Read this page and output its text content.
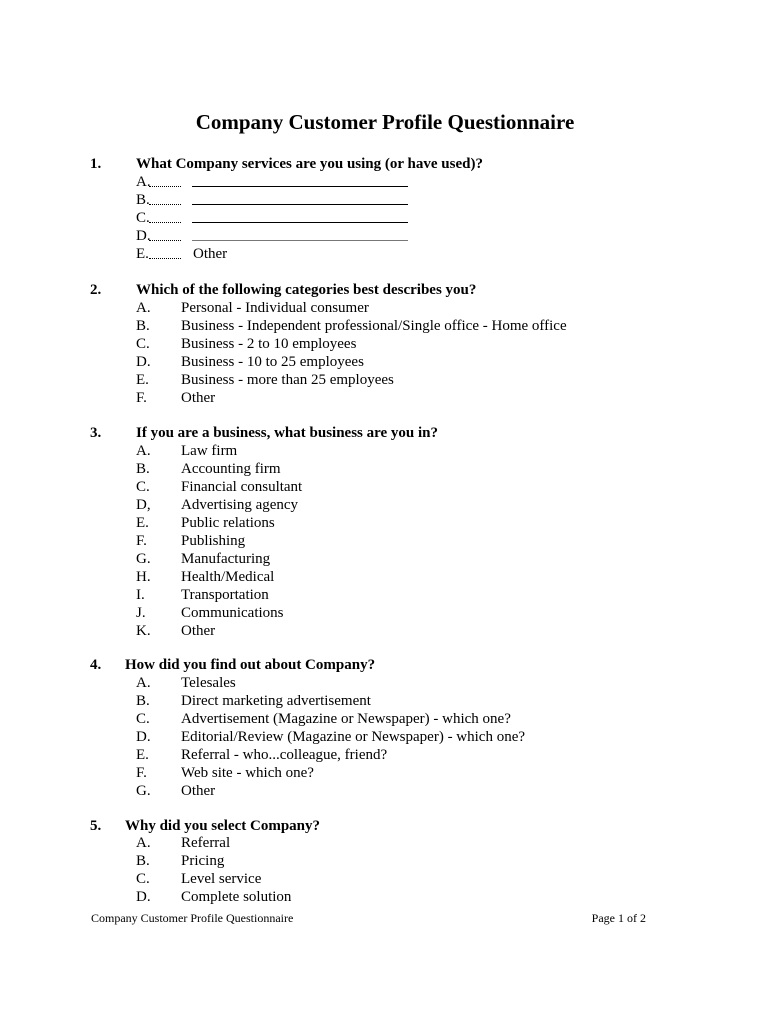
Company Customer Profile Questionnaire
1. What Company services are you using (or have used)?
A.
B.
C.
D.
E.	Other
2. Which of the following categories best describes you?
A. Personal - Individual consumer
B. Business - Independent professional/Single office - Home office
C. Business - 2 to 10 employees
D. Business - 10 to 25 employees
E. Business - more than 25 employees
F. Other
3. If you are a business, what business are you in?
A. Law firm
B. Accounting firm
C. Financial consultant
D, Advertising agency
E. Public relations
F. Publishing
G. Manufacturing
H. Health/Medical
I. Transportation
J. Communications
K. Other
4. How did you find out about Company?
A. Telesales
B. Direct marketing advertisement
C. Advertisement (Magazine or Newspaper) - which one?
D. Editorial/Review (Magazine or Newspaper) - which one?
E. Referral - who...colleague, friend?
F. Web site - which one?
G. Other
5. Why did you select Company?
A. Referral
B. Pricing
C. Level service
D. Complete solution
Company Customer Profile Questionnaire	Page 1 of 2
